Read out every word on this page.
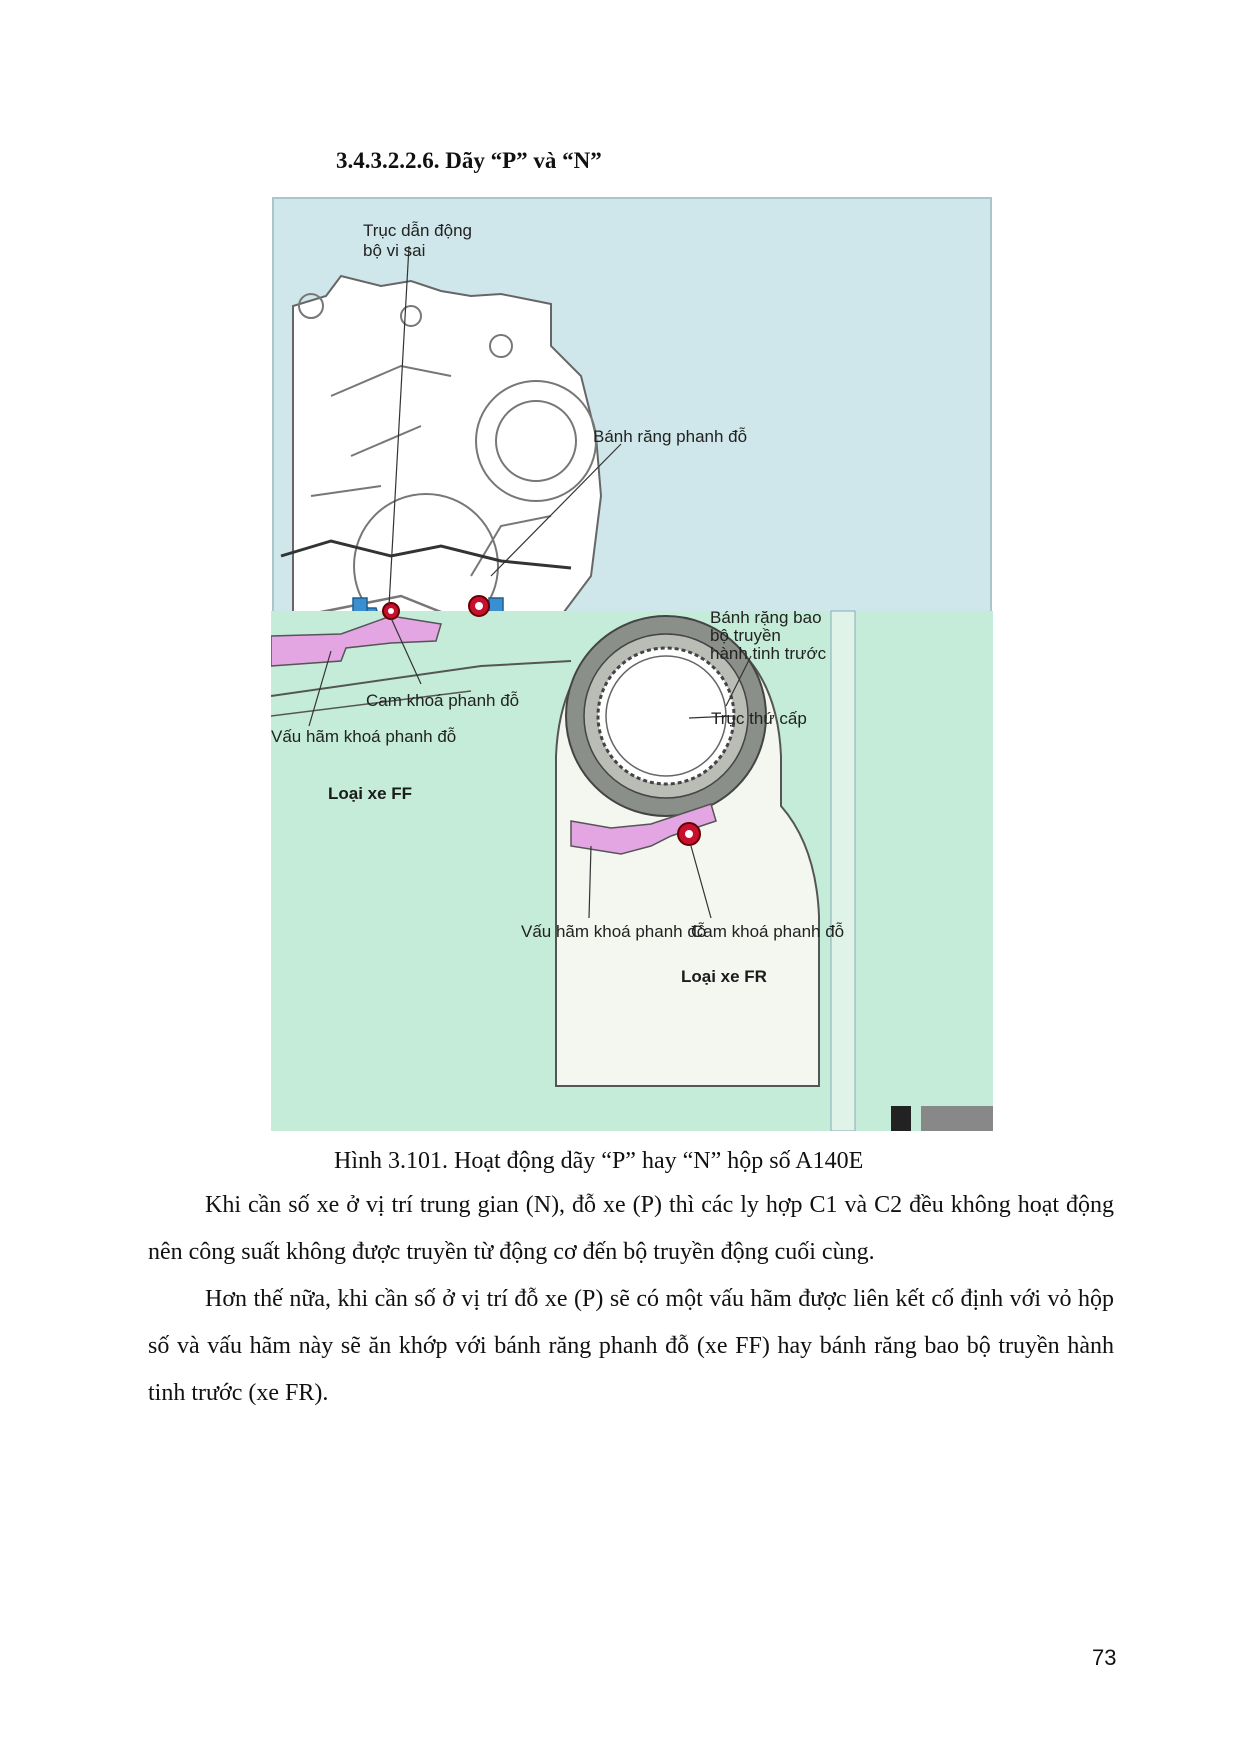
3.4.3.2.2.6. Dãy “P” và “N”
Trục dẫn động
bộ vi sai
Bánh răng phanh đỗ
Cam khoá phanh đỗ
Vấu hãm khoá phanh đỗ
Loại xe FF
Bánh rặng bao
bộ truyền
hành tinh trước
Trục thứ cấp
Vấu hãm khoá phanh đỗ
Cam khoá phanh đỗ
Loại xe FR
Hình 3.101. Hoạt động dãy “P” hay “N” hộp số A140E

Khi cần số xe ở vị trí trung gian (N), đỗ xe (P) thì các ly hợp C1 và C2 đều không hoạt động nên công suất không được truyền từ động cơ đến bộ truyền động cuối cùng.

Hơn thế nữa, khi cần số ở vị trí đỗ xe (P) sẽ có một vấu hãm được liên kết cố định với vỏ hộp số và vấu hãm này sẽ ăn khớp với bánh răng phanh đỗ (xe FF) hay bánh răng bao bộ truyền hành tinh trước (xe FR).

73
